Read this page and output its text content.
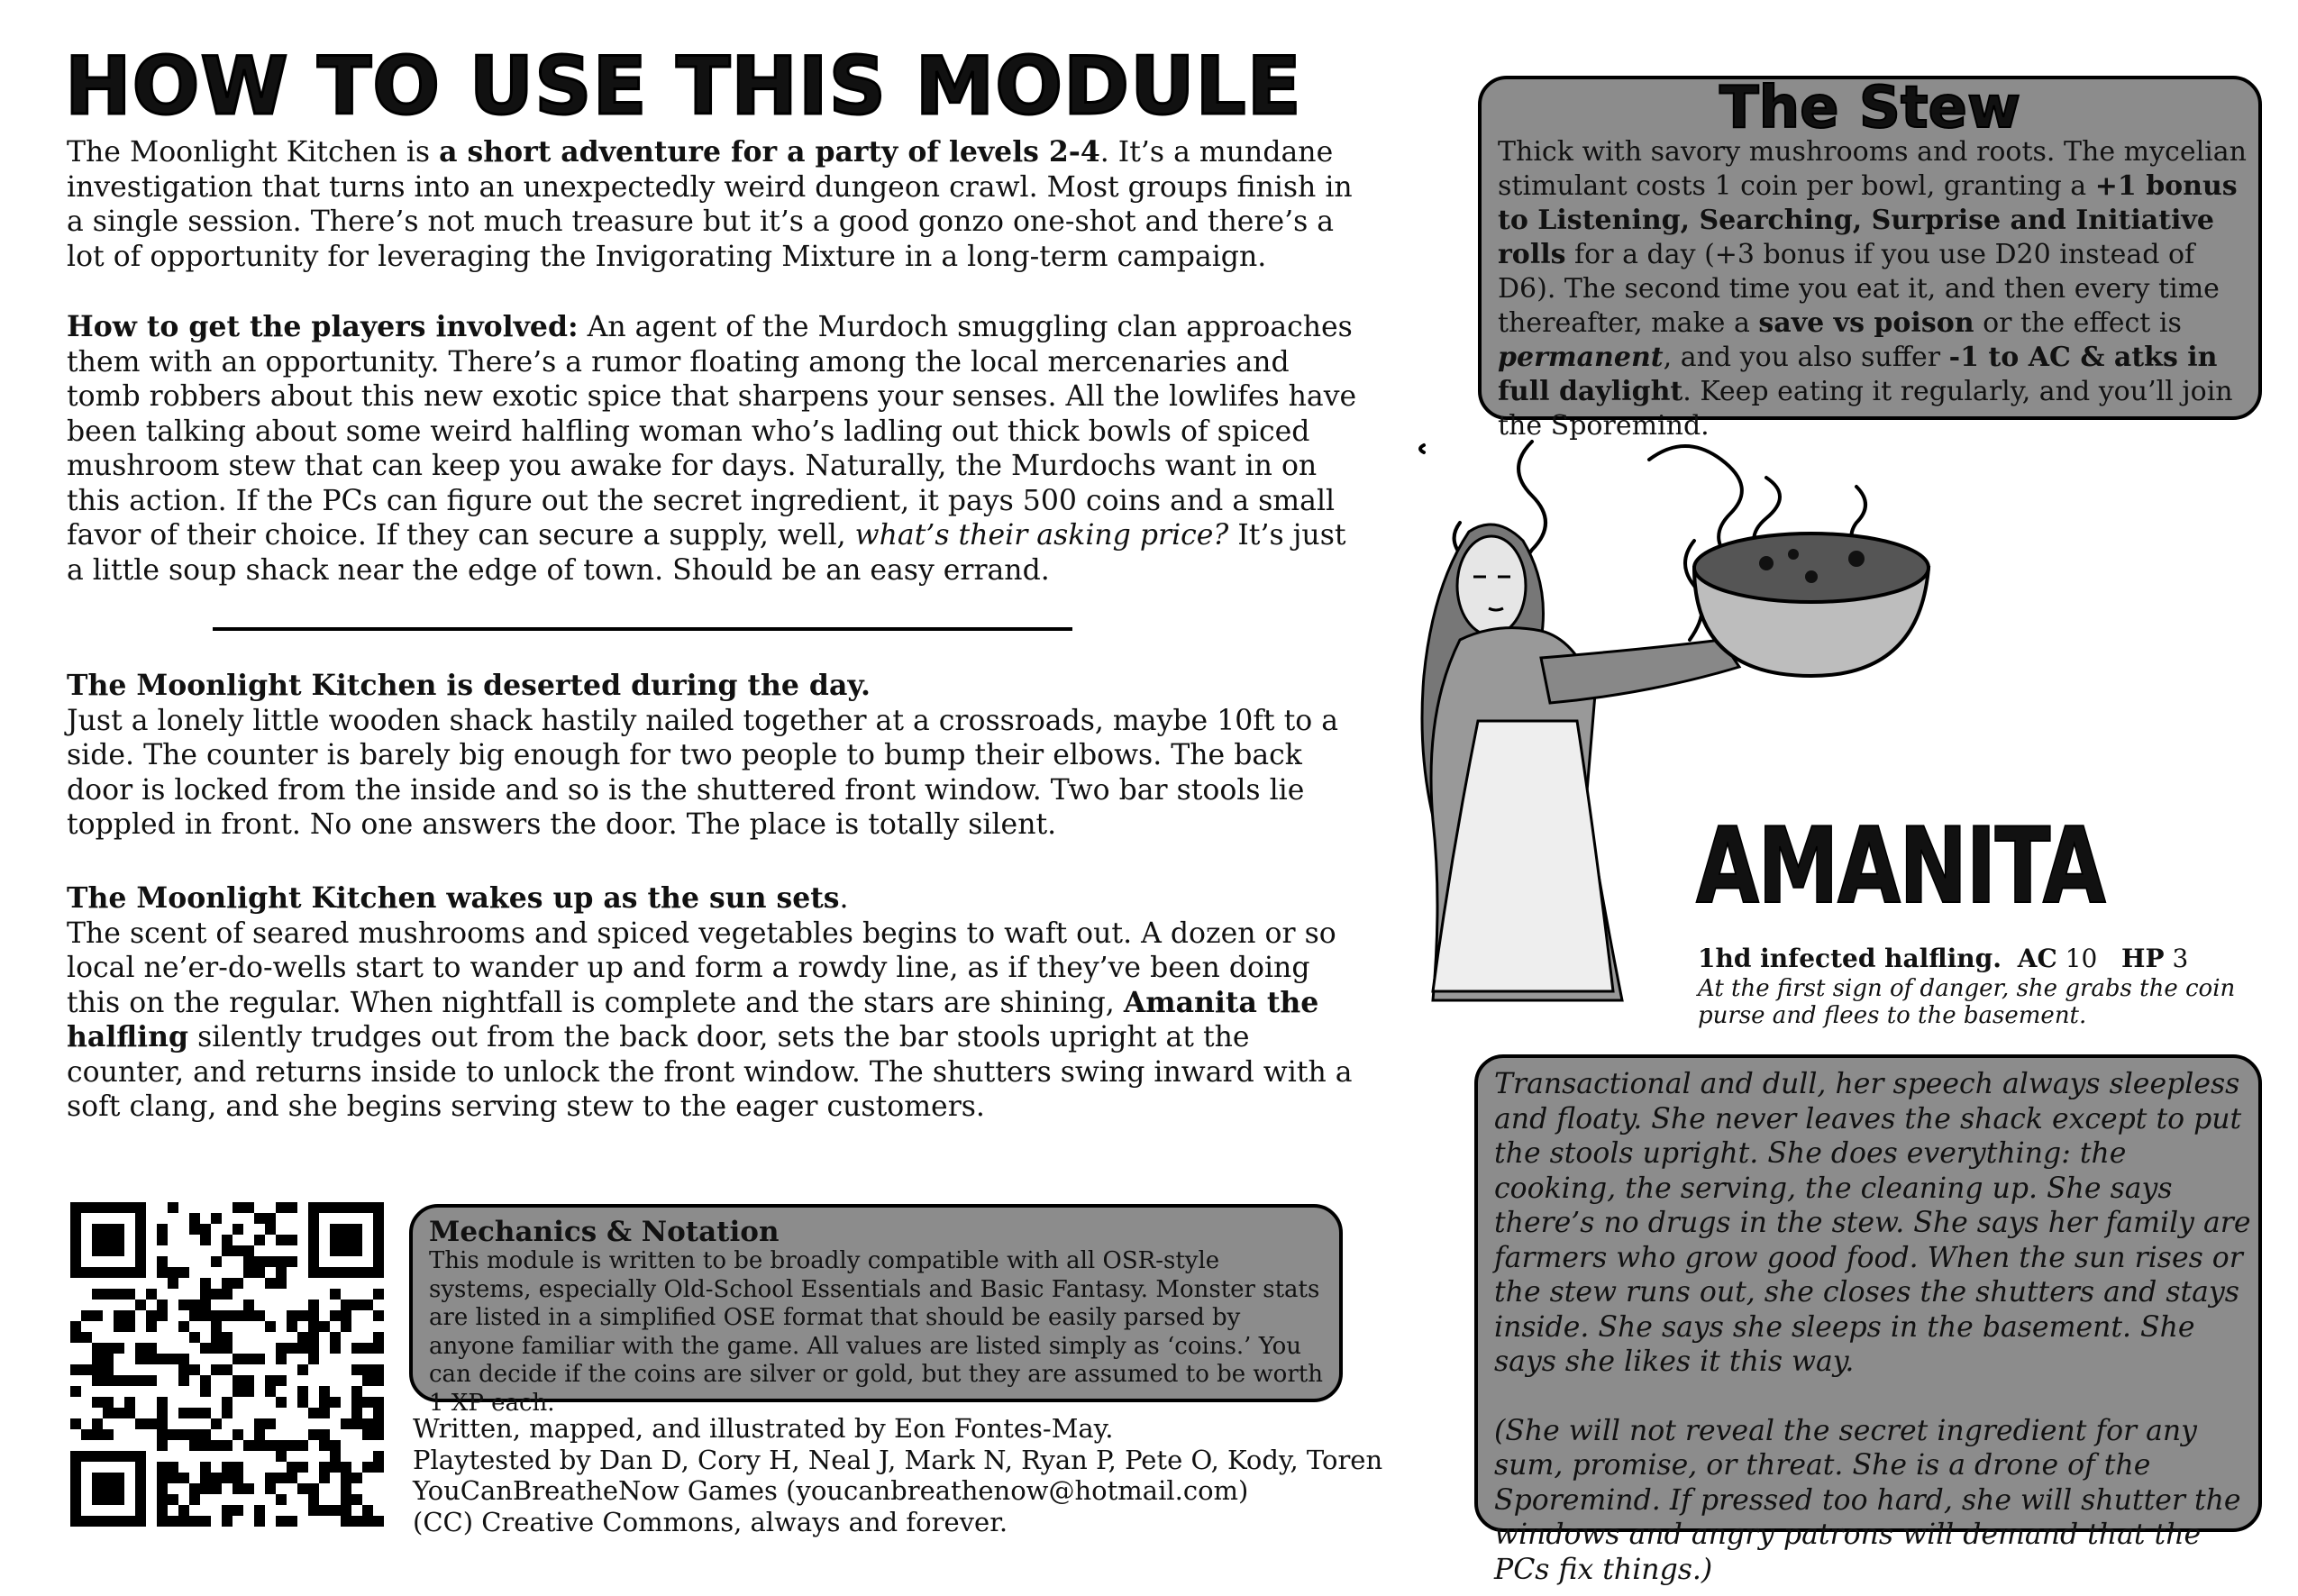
HOW TO USE THIS MODULE
The Moonlight Kitchen is a short adventure for a party of levels 2-4. It’s a mundane investigation that turns into an unexpectedly weird dungeon crawl. Most groups finish in a single session. There’s not much treasure but it’s a good gonzo one-shot and there’s a lot of opportunity for leveraging the Invigorating Mixture in a long-term campaign.
How to get the players involved: An agent of the Murdoch smuggling clan approaches them with an opportunity. There’s a rumor floating among the local mercenaries and tomb robbers about this new exotic spice that sharpens your senses. All the lowlifes have been talking about some weird halfling woman who’s ladling out thick bowls of spiced mushroom stew that can keep you awake for days. Naturally, the Murdochs want in on this action. If the PCs can figure out the secret ingredient, it pays 500 coins and a small favor of their choice. If they can secure a supply, well, what’s their asking price? It’s just a little soup shack near the edge of town. Should be an easy errand.

The Moonlight Kitchen is deserted during the day.

Just a lonely little wooden shack hastily nailed together at a crossroads, maybe 10ft to a side. The counter is barely big enough for two people to bump their elbows. The back door is locked from the inside and so is the shuttered front window. Two bar stools lie toppled in front. No one answers the door. The place is totally silent.

The Moonlight Kitchen wakes up as the sun sets.

The scent of seared mushrooms and spiced vegetables begins to waft out. A dozen or so local ne’er-do-wells start to wander up and form a rowdy line, as if they’ve been doing this on the regular. When nightfall is complete and the stars are shining, Amanita the halfling silently trudges out from the back door, sets the bar stools upright at the counter, and returns inside to unlock the front window. The shutters swing inward with a soft clang, and she begins serving stew to the eager customers.

Mechanics & Notation
This module is written to be broadly compatible with all OSR-style systems, especially Old-School Essentials and Basic Fantasy. Monster stats are listed in a simplified OSE format that should be easily parsed by anyone familiar with the game. All values are listed simply as ‘coins.’ You can decide if the coins are silver or gold, but they are assumed to be worth 1 XP each.

Written, mapped, and illustrated by Eon Fontes-May.

Playtested by Dan D, Cory H, Neal J, Mark N, Ryan P, Pete O, Kody, Toren

YouCanBreatheNow Games (youcanbreathenow@hotmail.com)

(CC) Creative Commons, always and forever.

Thick with savory mushrooms and roots. The mycelian stimulant costs 1 coin per bowl, granting a +1 bonus to Listening, Searching, Surprise and Initiative rolls for a day (+3 bonus if you use D20 instead of D6). The second time you eat it, and then every time thereafter, make a save vs poison or the effect is permanent, and you also suffer -1 to AC & atks in full daylight. Keep eating it regularly, and you’ll join the Sporemind.
The Stew
AMANITA
1hd infected halfling. AC 10 HP 3
At the first sign of danger, she grabs the coin purse and flees to the basement.

Transactional and dull, her speech always sleepless and floaty. She never leaves the shack except to put the stools upright. She does everything: the cooking, the serving, the cleaning up. She says there’s no drugs in the stew. She says her family are farmers who grow good food. When the sun rises or the stew runs out, she closes the shutters and stays inside. She says she sleeps in the basement. She says she likes it this way.

(She will not reveal the secret ingredient for any sum, promise, or threat. She is a drone of the Sporemind. If pressed too hard, she will shutter the windows and angry patrons will demand that the PCs fix things.)
